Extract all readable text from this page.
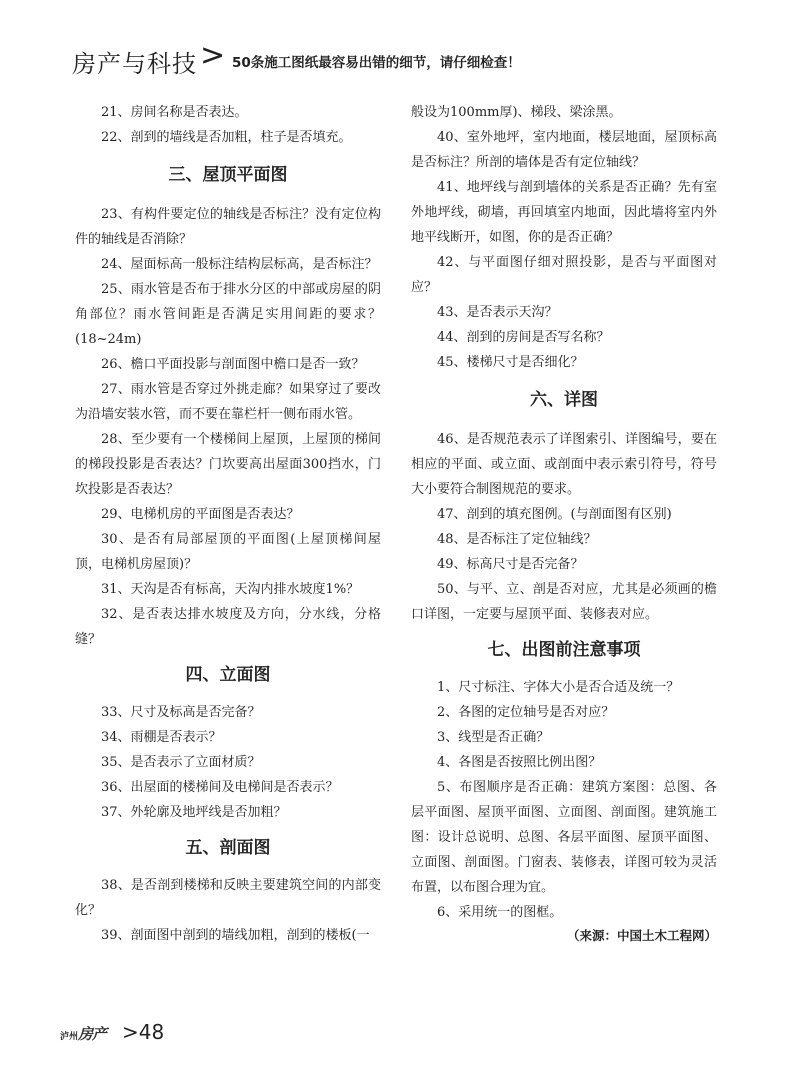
房产与科技 > 50条施工图纸最容易出错的细节，请仔细检查！

21、房间名称是否表达。

22、剖到的墙线是否加粗，柱子是否填充。

三、屋顶平面图

23、有构件要定位的轴线是否标注？没有定位构件的轴线是否消除？

24、屋面标高一般标注结构层标高，是否标注？

25、雨水管是否布于排水分区的中部或房屋的阴角部位？雨水管间距是否满足实用间距的要求？(18~24m)

26、檐口平面投影与剖面图中檐口是否一致？

27、雨水管是否穿过外挑走廊？如果穿过了要改为沿墙安装水管，而不要在靠栏杆一侧布雨水管。

28、至少要有一个楼梯间上屋顶，上屋顶的梯间的梯段投影是否表达？门坎要高出屋面300挡水，门坎投影是否表达？

29、电梯机房的平面图是否表达？

30、是否有局部屋顶的平面图(上屋顶梯间屋顶，电梯机房屋顶)？

31、天沟是否有标高，天沟内排水坡度1%？

32、是否表达排水坡度及方向，分水线，分格缝？

四、立面图

33、尺寸及标高是否完备？

34、雨棚是否表示？

35、是否表示了立面材质？

36、出屋面的楼梯间及电梯间是否表示？

37、外轮廓及地坪线是否加粗？

五、剖面图

38、是否剖到楼梯和反映主要建筑空间的内部变化？

39、剖面图中剖到的墙线加粗，剖到的楼板(一

般设为100mm厚)、梯段、梁涂黑。

40、室外地坪，室内地面，楼层地面，屋顶标高是否标注？所剖的墙体是否有定位轴线？

41、地坪线与剖到墙体的关系是否正确？先有室外地坪线，砌墙，再回填室内地面，因此墙将室内外地平线断开，如图，你的是否正确？

42、与平面图仔细对照投影，是否与平面图对应？

43、是否表示天沟？

44、剖到的房间是否写名称？

45、楼梯尺寸是否细化？

六、详图

46、是否规范表示了详图索引、详图编号，要在相应的平面、或立面、或剖面中表示索引符号，符号大小要符合制图规范的要求。

47、剖到的填充图例。(与剖面图有区别)

48、是否标注了定位轴线？

49、标高尺寸是否完备？

50、与平、立、剖是否对应，尤其是必须画的檐口详图，一定要与屋顶平面、装修表对应。

七、出图前注意事项

1、尺寸标注、字体大小是否合适及统一？

2、各图的定位轴号是否对应？

3、线型是否正确？

4、各图是否按照比例出图？

5、布图顺序是否正确：建筑方案图：总图、各层平面图、屋顶平面图、立面图、剖面图。建筑施工图：设计总说明、总图、各层平面图、屋顶平面图、立面图、剖面图。门窗表、装修表，详图可较为灵活布置，以布图合理为宜。

6、采用统一的图框。

（来源：中国土木工程网）

泸州房产 >48
